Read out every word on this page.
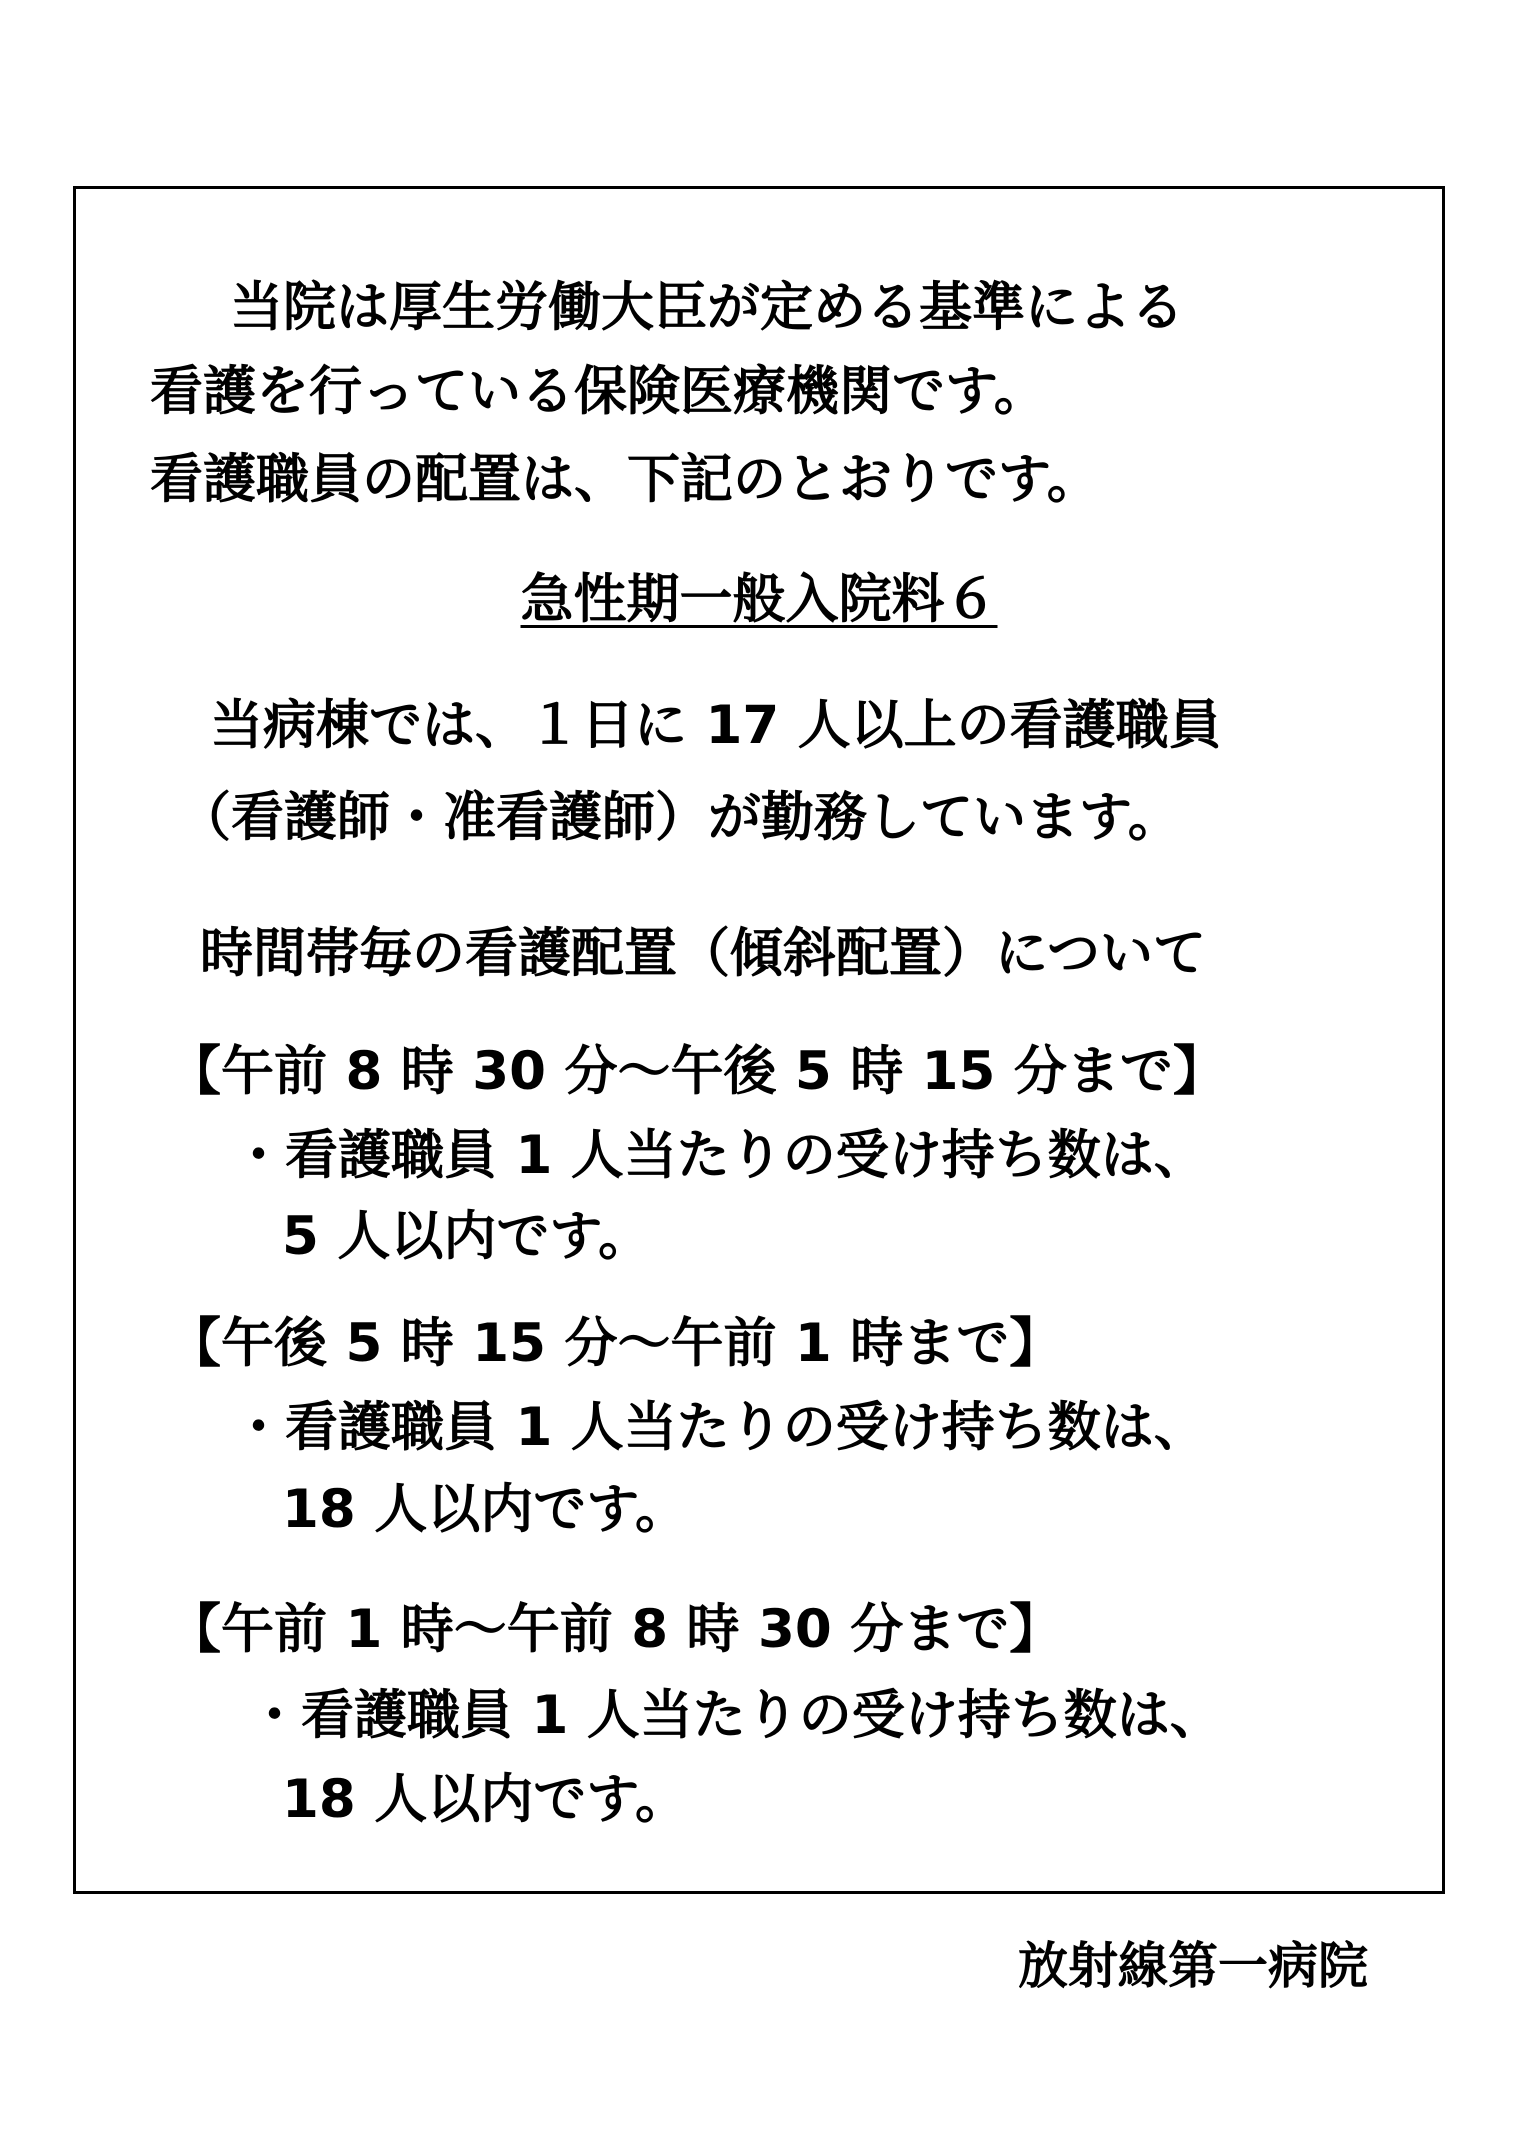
当院は厚生労働大臣が定める基準による
看護を行っている保険医療機関です。
看護職員の配置は、下記のとおりです。
急性期一般入院料６
当病棟では、１日に 17 人以上の看護職員
（看護師・准看護師）が勤務しています。
時間帯毎の看護配置（傾斜配置）について
【午前 8 時 30 分～午後 5 時 15 分まで】
・看護職員 1 人当たりの受け持ち数は、
5 人以内です。
【午後 5 時 15 分～午前 1 時まで】
・看護職員 1 人当たりの受け持ち数は、
18 人以内です。
【午前 1 時～午前 8 時 30 分まで】
・看護職員 1 人当たりの受け持ち数は、
18 人以内です。
放射線第一病院
